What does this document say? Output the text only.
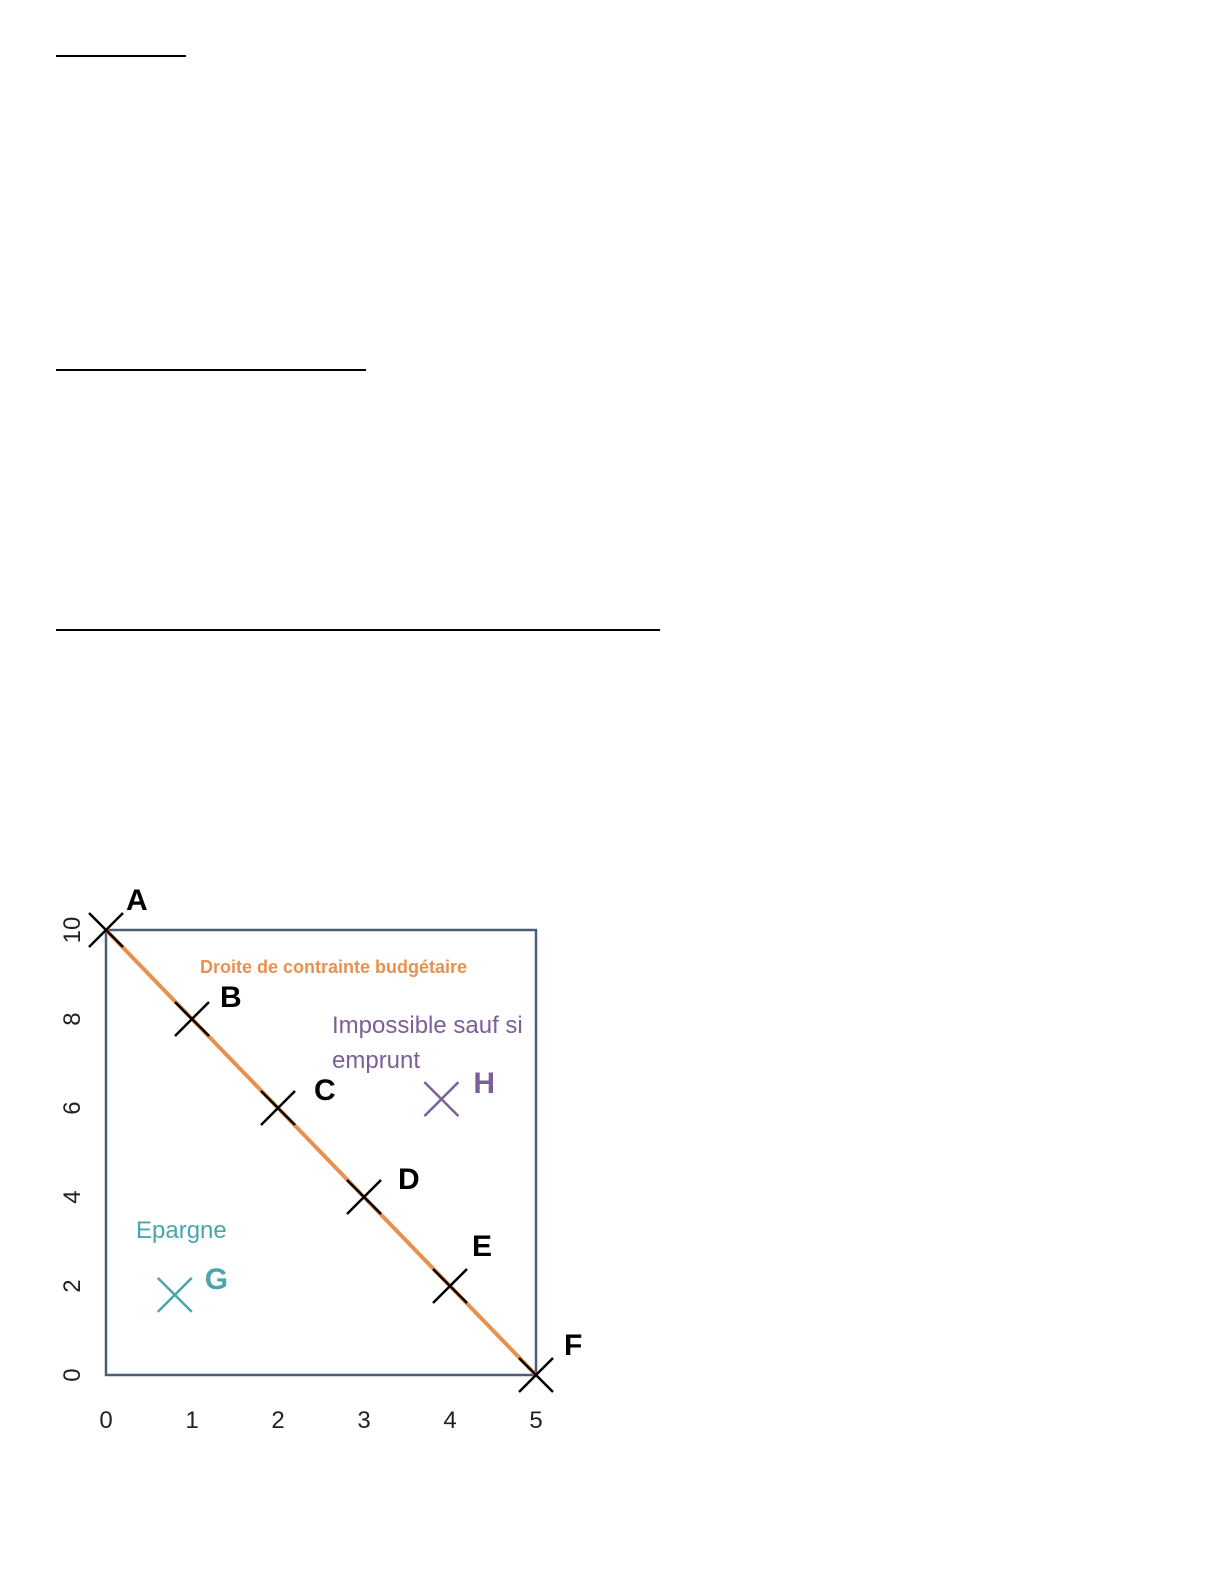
0	1	2	3	4	5
0
2
4
6
8
10
Droite de contrainte budgétaire
Epargne
Impossible sauf si
emprunt
A
B
C
D
E
F
G
H
